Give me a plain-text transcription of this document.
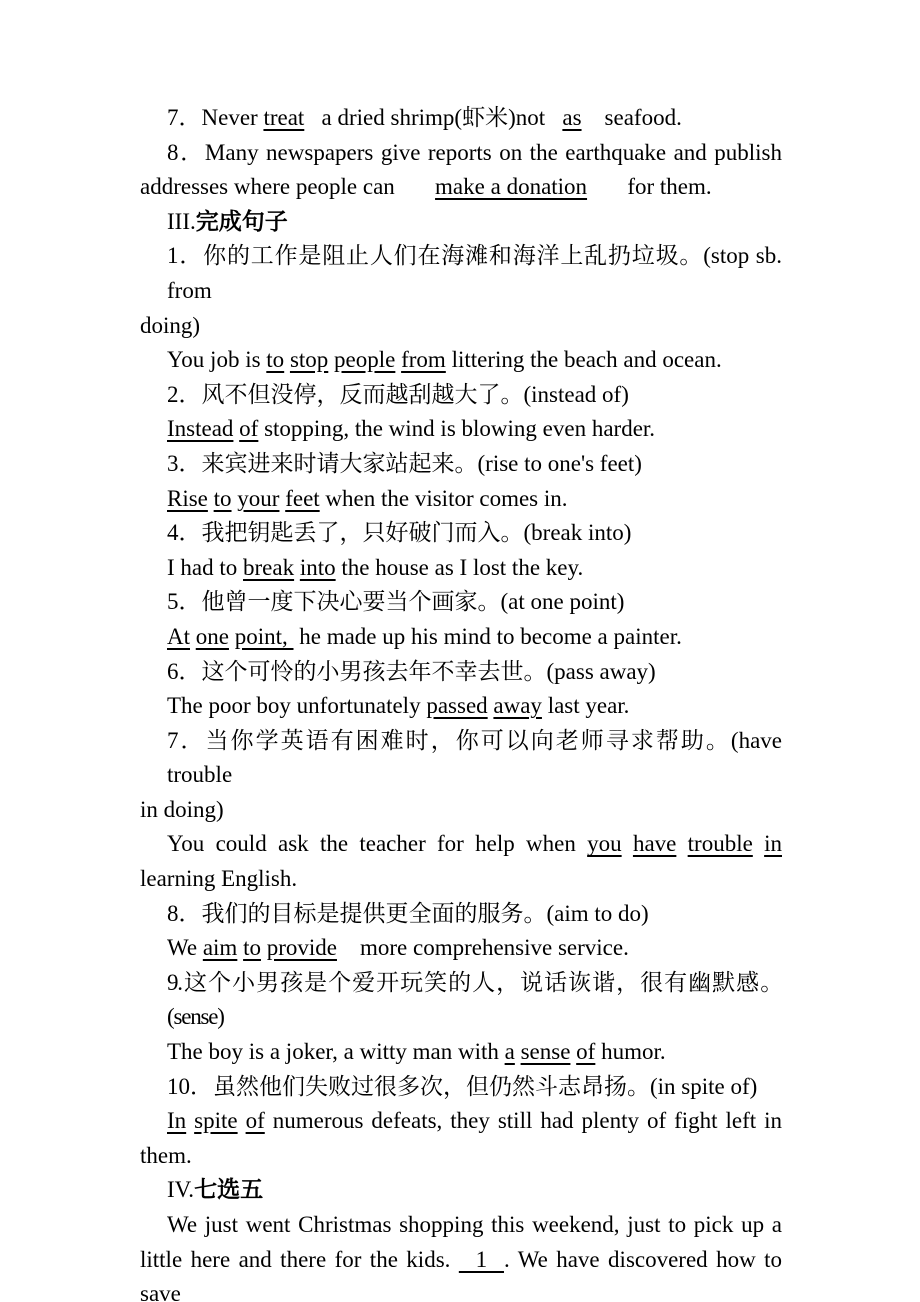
7．Never treat   a dried shrimp(虾米)not   as    seafood.
8．Many newspapers give reports on the earthquake and publish
addresses where people can       make a donation       for them.
III.完成句子
1．你的工作是阻止人们在海滩和海洋上乱扔垃圾。(stop sb. from
doing)
You job is to stop people from littering the beach and ocean.
2．风不但没停，反而越刮越大了。(instead of)
Instead of stopping, the wind is blowing even harder.
3．来宾进来时请大家站起来。(rise to one's feet)
Rise to your feet when the visitor comes in.
4．我把钥匙丢了，只好破门而入。(break into)
I had to break into the house as I lost the key.
5．他曾一度下决心要当个画家。(at one point)
At one point,  he made up his mind to become a painter.
6．这个可怜的小男孩去年不幸去世。(pass away)
The poor boy unfortunately passed away last year.
7．当你学英语有困难时，你可以向老师寻求帮助。(have trouble
in doing)
You could ask the teacher for help when you have trouble in
learning English.
8．我们的目标是提供更全面的服务。(aim to do)
We aim to provide    more comprehensive service.
9.这个小男孩是个爱开玩笑的人，说话诙谐，很有幽默感。(sense)
The boy is a joker, a witty man with a sense of humor.
10．虽然他们失败过很多次，但仍然斗志昂扬。(in spite of)
In spite of numerous defeats, they still had plenty of fight left in
them.
IV.七选五
We just went Christmas shopping this weekend, just to pick up a
little here and there for the kids.   1  . We have discovered how to save
